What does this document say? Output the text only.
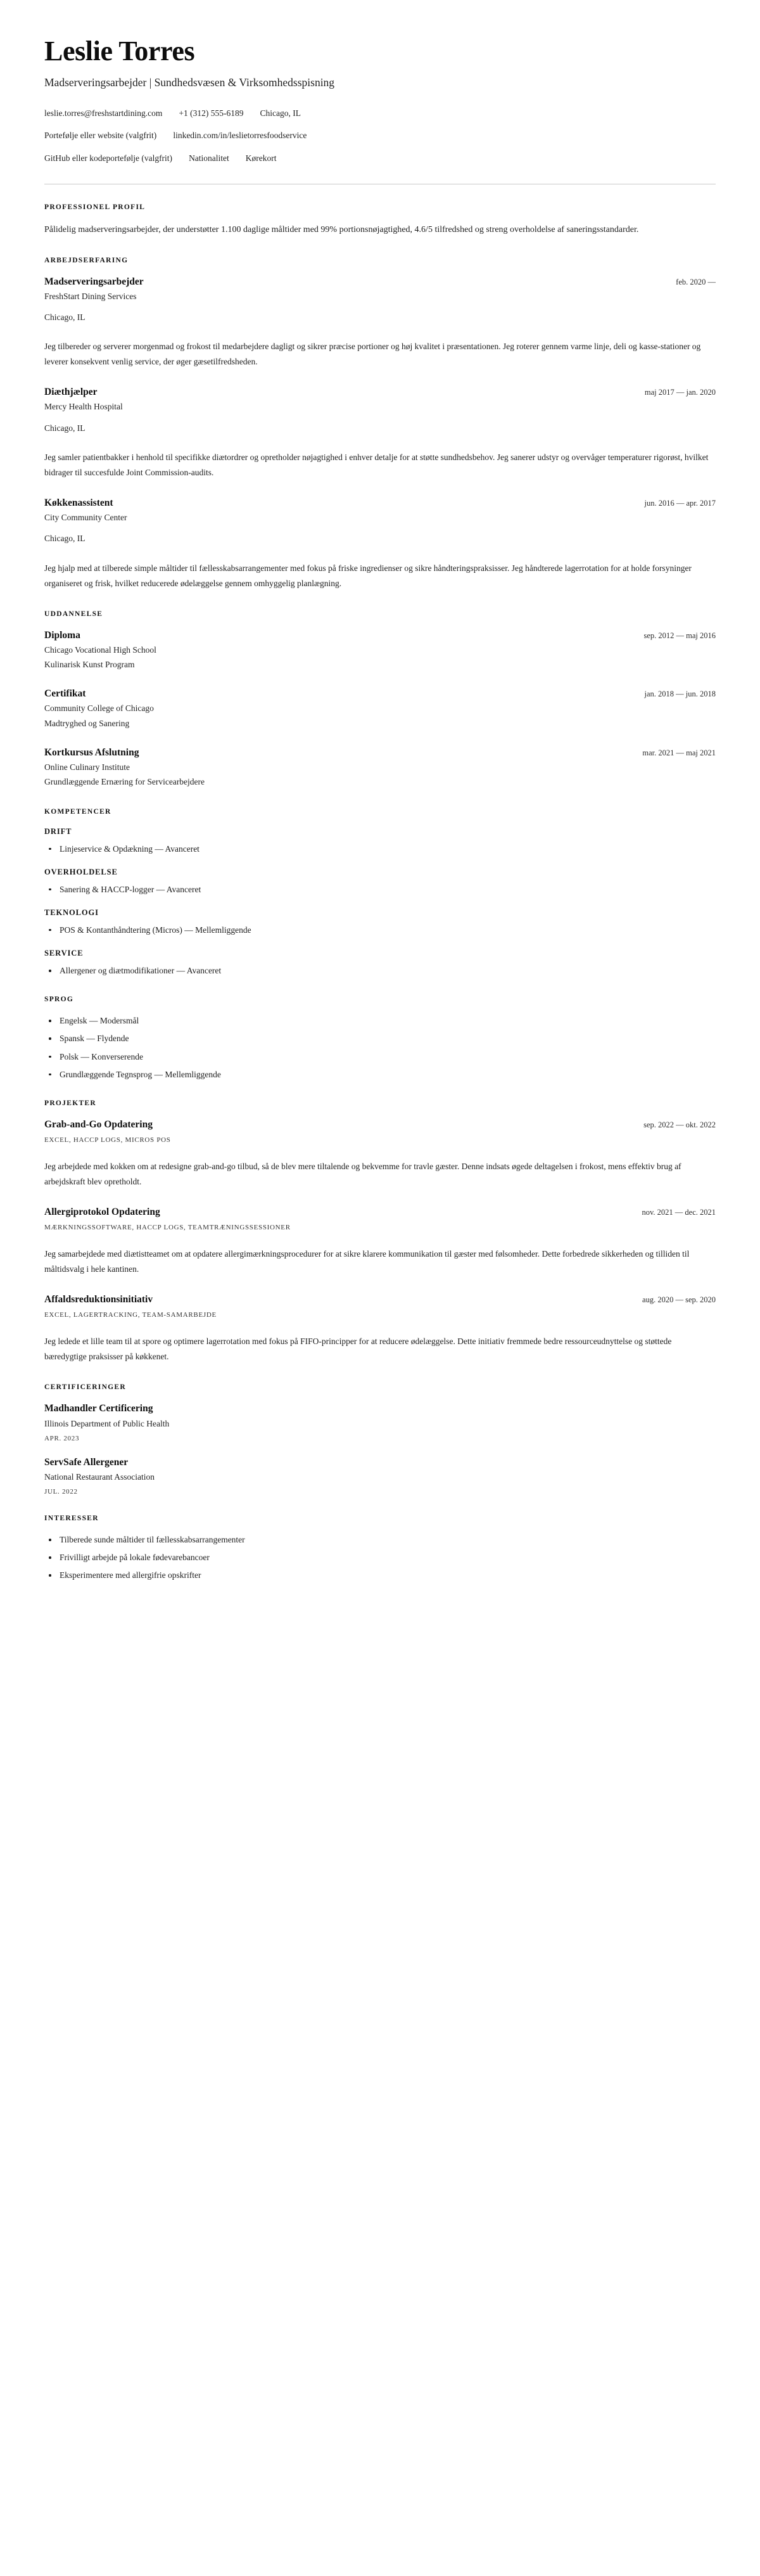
Leslie Torres

Madserveringsarbejder | Sundhedsvæsen & Virksomhedsspisning

leslie.torres@freshstartdining.com +1 (312) 555-6189 Chicago, IL
Portefølje eller website (valgfrit) linkedin.com/in/leslietorresfoodservice
GitHub eller kodeportefølje (valgfrit) Nationalitet Kørekort
PROFESSIONEL PROFIL

Pålidelig madserveringsarbejder, der understøtter 1.100 daglige måltider med 99% portionsnøjagtighed, 4.6/5 tilfredshed og streng overholdelse af saneringsstandarder.

ARBEJDSERFARING
Madserveringsarbejder	feb. 2020 —

FreshStart Dining Services

Chicago, IL

Jeg tilbereder og serverer morgenmad og frokost til medarbejdere dagligt og sikrer præcise portioner og høj kvalitet i præsentationen. Jeg roterer gennem varme linje, deli og kasse-stationer og leverer konsekvent venlig service, der øger gæsetilfredsheden.

Diæthjælper	maj 2017 — jan. 2020

Mercy Health Hospital

Chicago, IL

Jeg samler patientbakker i henhold til specifikke diætordrer og opretholder nøjagtighed i enhver detalje for at støtte sundhedsbehov. Jeg sanerer udstyr og overvåger temperaturer rigorøst, hvilket bidrager til succesfulde Joint Commission-audits.

Køkkenassistent	jun. 2016 — apr. 2017

City Community Center

Chicago, IL

Jeg hjalp med at tilberede simple måltider til fællesskabsarrangementer med fokus på friske ingredienser og sikre håndteringspraksisser. Jeg håndterede lagerrotation for at holde forsyninger organiseret og frisk, hvilket reducerede ødelæggelse gennem omhyggelig planlægning.

UDDANNELSE
Diploma	sep. 2012 — maj 2016

Chicago Vocational High School

Kulinarisk Kunst Program

Certifikat	jan. 2018 — jun. 2018

Community College of Chicago

Madtryghed og Sanering

Kortkursus Afslutning	mar. 2021 — maj 2021

Online Culinary Institute

Grundlæggende Ernæring for Servicearbejdere

KOMPETENCER
DRIFT
Linjeservice & Opdækning — Avanceret
OVERHOLDELSE
Sanering & HACCP-logger — Avanceret
TEKNOLOGI
POS & Kontanthåndtering (Micros) — Mellemliggende
SERVICE
Allergener og diætmodifikationer — Avanceret
SPROG
Engelsk — Modersmål
Spansk — Flydende
Polsk — Konverserende
Grundlæggende Tegnsprog — Mellemliggende
PROJEKTER
Grab-and-Go Opdatering	sep. 2022 — okt. 2022

EXCEL, HACCP LOGS, MICROS POS

Jeg arbejdede med kokken om at redesigne grab-and-go tilbud, så de blev mere tiltalende og bekvemme for travle gæster. Denne indsats øgede deltagelsen i frokost, mens effektiv brug af arbejdskraft blev opretholdt.

Allergiprotokol Opdatering	nov. 2021 — dec. 2021

MÆRKNINGSSOFTWARE, HACCP LOGS, TEAMTRÆNINGSSESSIONER

Jeg samarbejdede med diætistteamet om at opdatere allergimærkningsprocedurer for at sikre klarere kommunikation til gæster med følsomheder. Dette forbedrede sikkerheden og tilliden til måltidsvalg i hele kantinen.

Affaldsreduktionsinitiativ	aug. 2020 — sep. 2020

EXCEL, LAGERTRACKING, TEAM-SAMARBEJDE

Jeg ledede et lille team til at spore og optimere lagerrotation med fokus på FIFO-principper for at reducere ødelæggelse. Dette initiativ fremmede bedre ressourceudnyttelse og støttede bæredygtige praksisser på køkkenet.

CERTIFICERINGER
Madhandler Certificering

Illinois Department of Public Health

APR. 2023

ServSafe Allergener

National Restaurant Association

JUL. 2022

INTERESSER
Tilberede sunde måltider til fællesskabsarrangementer
Frivilligt arbejde på lokale fødevarebancoer
Eksperimentere med allergifrie opskrifter
